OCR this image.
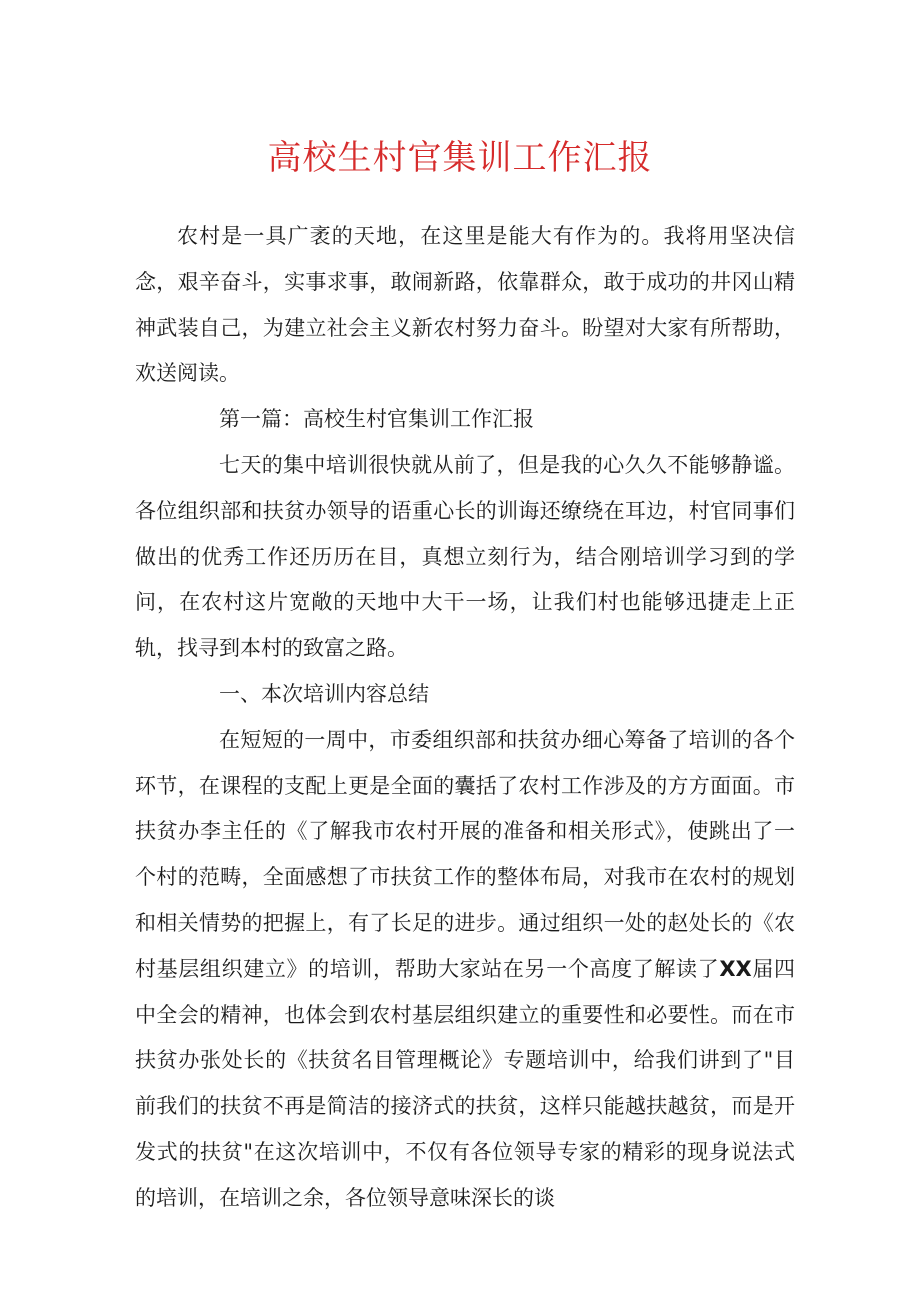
高校生村官集训工作汇报

农村是一具广袤的天地，在这里是能大有作为的。我将用坚决信念，艰辛奋斗，实事求事，敢闹新路，依靠群众，敢于成功的井冈山精神武装自己，为建立社会主义新农村努力奋斗。盼望对大家有所帮助，欢送阅读。

第一篇：高校生村官集训工作汇报

七天的集中培训很快就从前了，但是我的心久久不能够静谧。各位组织部和扶贫办领导的语重心长的训诲还缭绕在耳边，村官同事们做出的优秀工作还历历在目，真想立刻行为，结合刚培训学习到的学问，在农村这片宽敞的天地中大干一场，让我们村也能够迅捷走上正轨，找寻到本村的致富之路。

一、本次培训内容总结

在短短的一周中，市委组织部和扶贫办细心筹备了培训的各个环节，在课程的支配上更是全面的囊括了农村工作涉及的方方面面。市扶贫办李主任的《了解我市农村开展的准备和相关形式》，使跳出了一个村的范畴，全面感想了市扶贫工作的整体布局，对我市在农村的规划和相关情势的把握上，有了长足的进步。通过组织一处的赵处长的《农村基层组织建立》的培训，帮助大家站在另一个高度了解读了XX届四中全会的精神，也体会到农村基层组织建立的重要性和必要性。而在市扶贫办张处长的《扶贫名目管理概论》专题培训中，给我们讲到了"目前我们的扶贫不再是简洁的接济式的扶贫，这样只能越扶越贫，而是开发式的扶贫"在这次培训中，不仅有各位领导专家的精彩的现身说法式的培训，在培训之余，各位领导意味深长的谈
